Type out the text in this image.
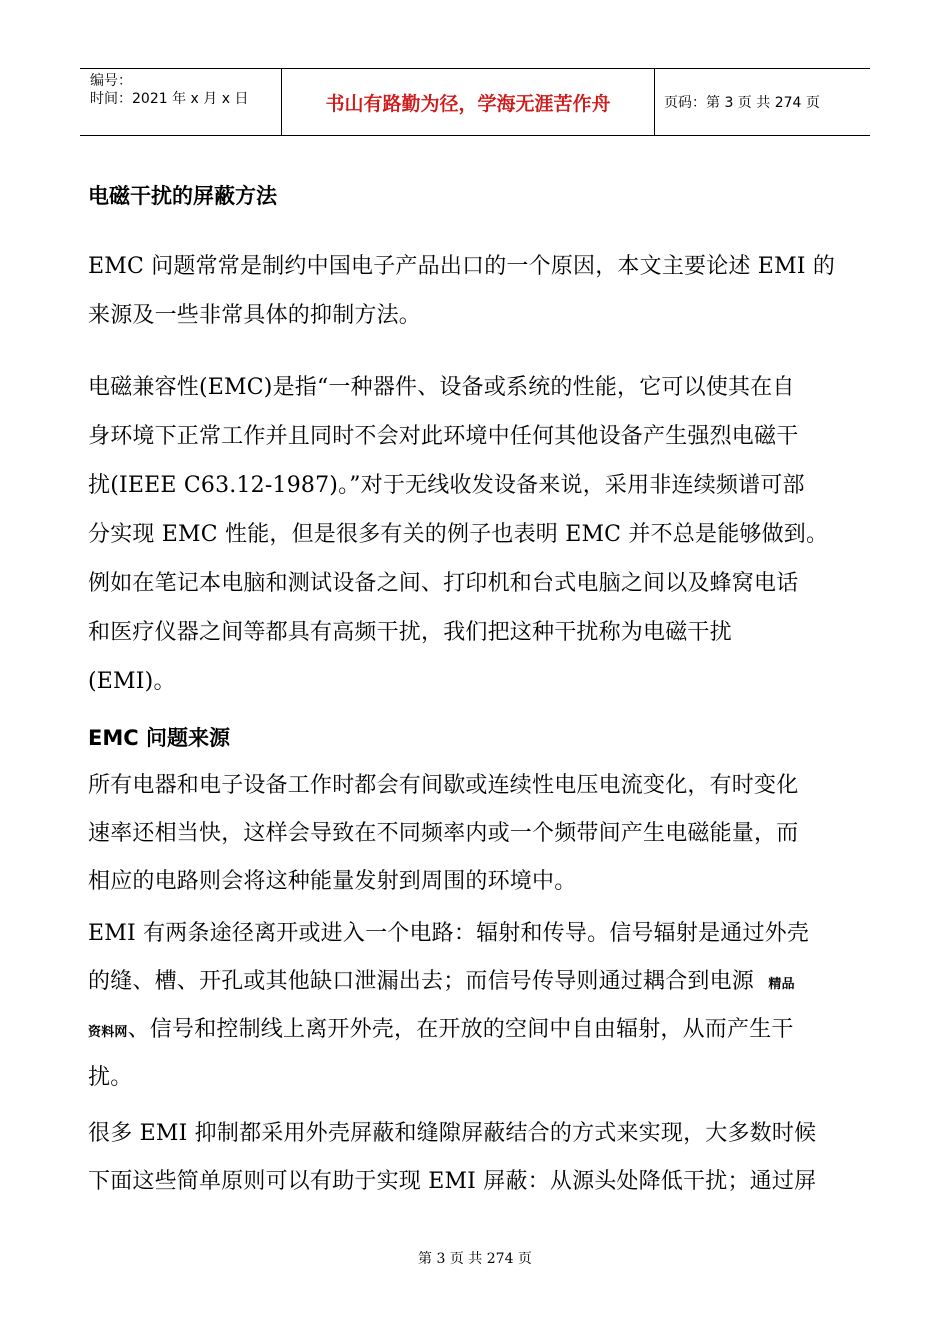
编号：
时间：2021 年 x 月 x 日	书山有路勤为径，学海无涯苦作舟	页码：第 3 页 共 274 页
电磁干扰的屏蔽方法
EMC 问题常常是制约中国电子产品出口的一个原因，本文主要论述 EMI 的
来源及一些非常具体的抑制方法。
电磁兼容性(EMC)是指“一种器件、设备或系统的性能，它可以使其在自
身环境下正常工作并且同时不会对此环境中任何其他设备产生强烈电磁干
扰(IEEE C63.12-1987)。”对于无线收发设备来说，采用非连续频谱可部
分实现 EMC 性能，但是很多有关的例子也表明 EMC 并不总是能够做到。
例如在笔记本电脑和测试设备之间、打印机和台式电脑之间以及蜂窝电话
和医疗仪器之间等都具有高频干扰，我们把这种干扰称为电磁干扰
(EMI)。
EMC 问题来源
所有电器和电子设备工作时都会有间歇或连续性电压电流变化，有时变化
速率还相当快，这样会导致在不同频率内或一个频带间产生电磁能量，而
相应的电路则会将这种能量发射到周围的环境中。
EMI 有两条途径离开或进入一个电路：辐射和传导。信号辐射是通过外壳
的缝、槽、开孔或其他缺口泄漏出去；而信号传导则通过耦合到电源 精品
资料网、信号和控制线上离开外壳，在开放的空间中自由辐射，从而产生干
扰。
很多 EMI 抑制都采用外壳屏蔽和缝隙屏蔽结合的方式来实现，大多数时候
下面这些简单原则可以有助于实现 EMI 屏蔽：从源头处降低干扰；通过屏
第 3 页 共 274 页
